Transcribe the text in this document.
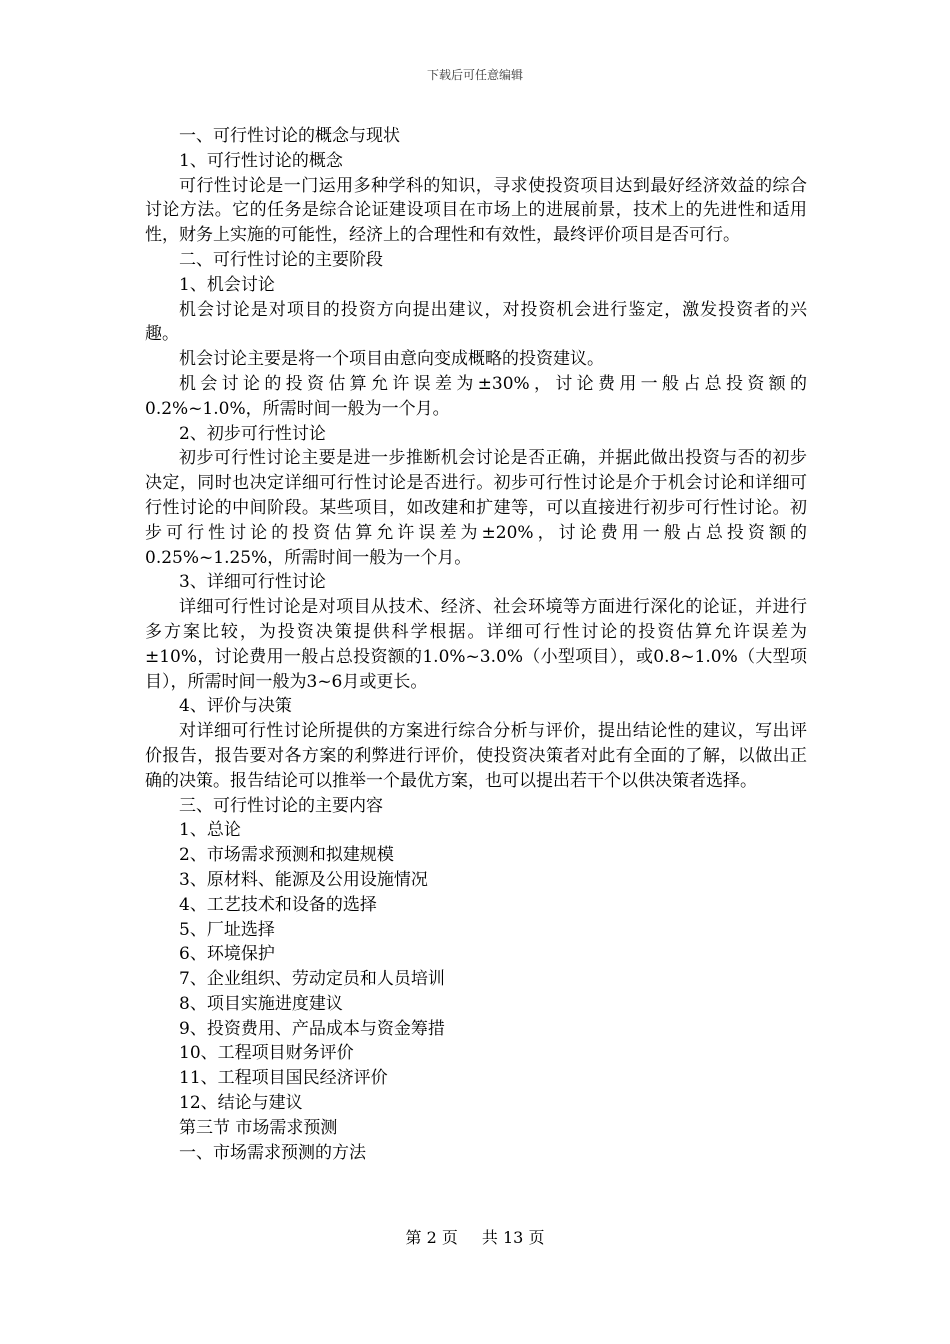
下载后可任意编辑

一、可行性讨论的概念与现状

1、可行性讨论的概念

可行性讨论是一门运用多种学科的知识，寻求使投资项目达到最好经济效益的综合讨论方法。它的任务是综合论证建设项目在市场上的进展前景，技术上的先进性和适用性，财务上实施的可能性，经济上的合理性和有效性，最终评价项目是否可行。

二、可行性讨论的主要阶段

1、机会讨论

机会讨论是对项目的投资方向提出建议，对投资机会进行鉴定，激发投资者的兴趣。

机会讨论主要是将一个项目由意向变成概略的投资建议。

机会讨论的投资估算允许误差为±30%，讨论费用一般占总投资额的0.2%~1.0%，所需时间一般为一个月。

2、初步可行性讨论

初步可行性讨论主要是进一步推断机会讨论是否正确，并据此做出投资与否的初步决定，同时也决定详细可行性讨论是否进行。初步可行性讨论是介于机会讨论和详细可行性讨论的中间阶段。某些项目，如改建和扩建等，可以直接进行初步可行性讨论。初步可行性讨论的投资估算允许误差为±20%，讨论费用一般占总投资额的0.25%~1.25%，所需时间一般为一个月。

3、详细可行性讨论

详细可行性讨论是对项目从技术、经济、社会环境等方面进行深化的论证，并进行多方案比较，为投资决策提供科学根据。详细可行性讨论的投资估算允许误差为±10%，讨论费用一般占总投资额的1.0%~3.0%（小型项目），或0.8~1.0%（大型项目），所需时间一般为3~6月或更长。

4、评价与决策

对详细可行性讨论所提供的方案进行综合分析与评价，提出结论性的建议，写出评价报告，报告要对各方案的利弊进行评价，使投资决策者对此有全面的了解，以做出正确的决策。报告结论可以推举一个最优方案，也可以提出若干个以供决策者选择。

三、可行性讨论的主要内容

1、总论

2、市场需求预测和拟建规模

3、原材料、能源及公用设施情况

4、工艺技术和设备的选择

5、厂址选择

6、环境保护

7、企业组织、劳动定员和人员培训

8、项目实施进度建议

9、投资费用、产品成本与资金筹措

10、工程项目财务评价

11、工程项目国民经济评价

12、结论与建议

第三节 市场需求预测

一、市场需求预测的方法

第 2 页 共 13 页
